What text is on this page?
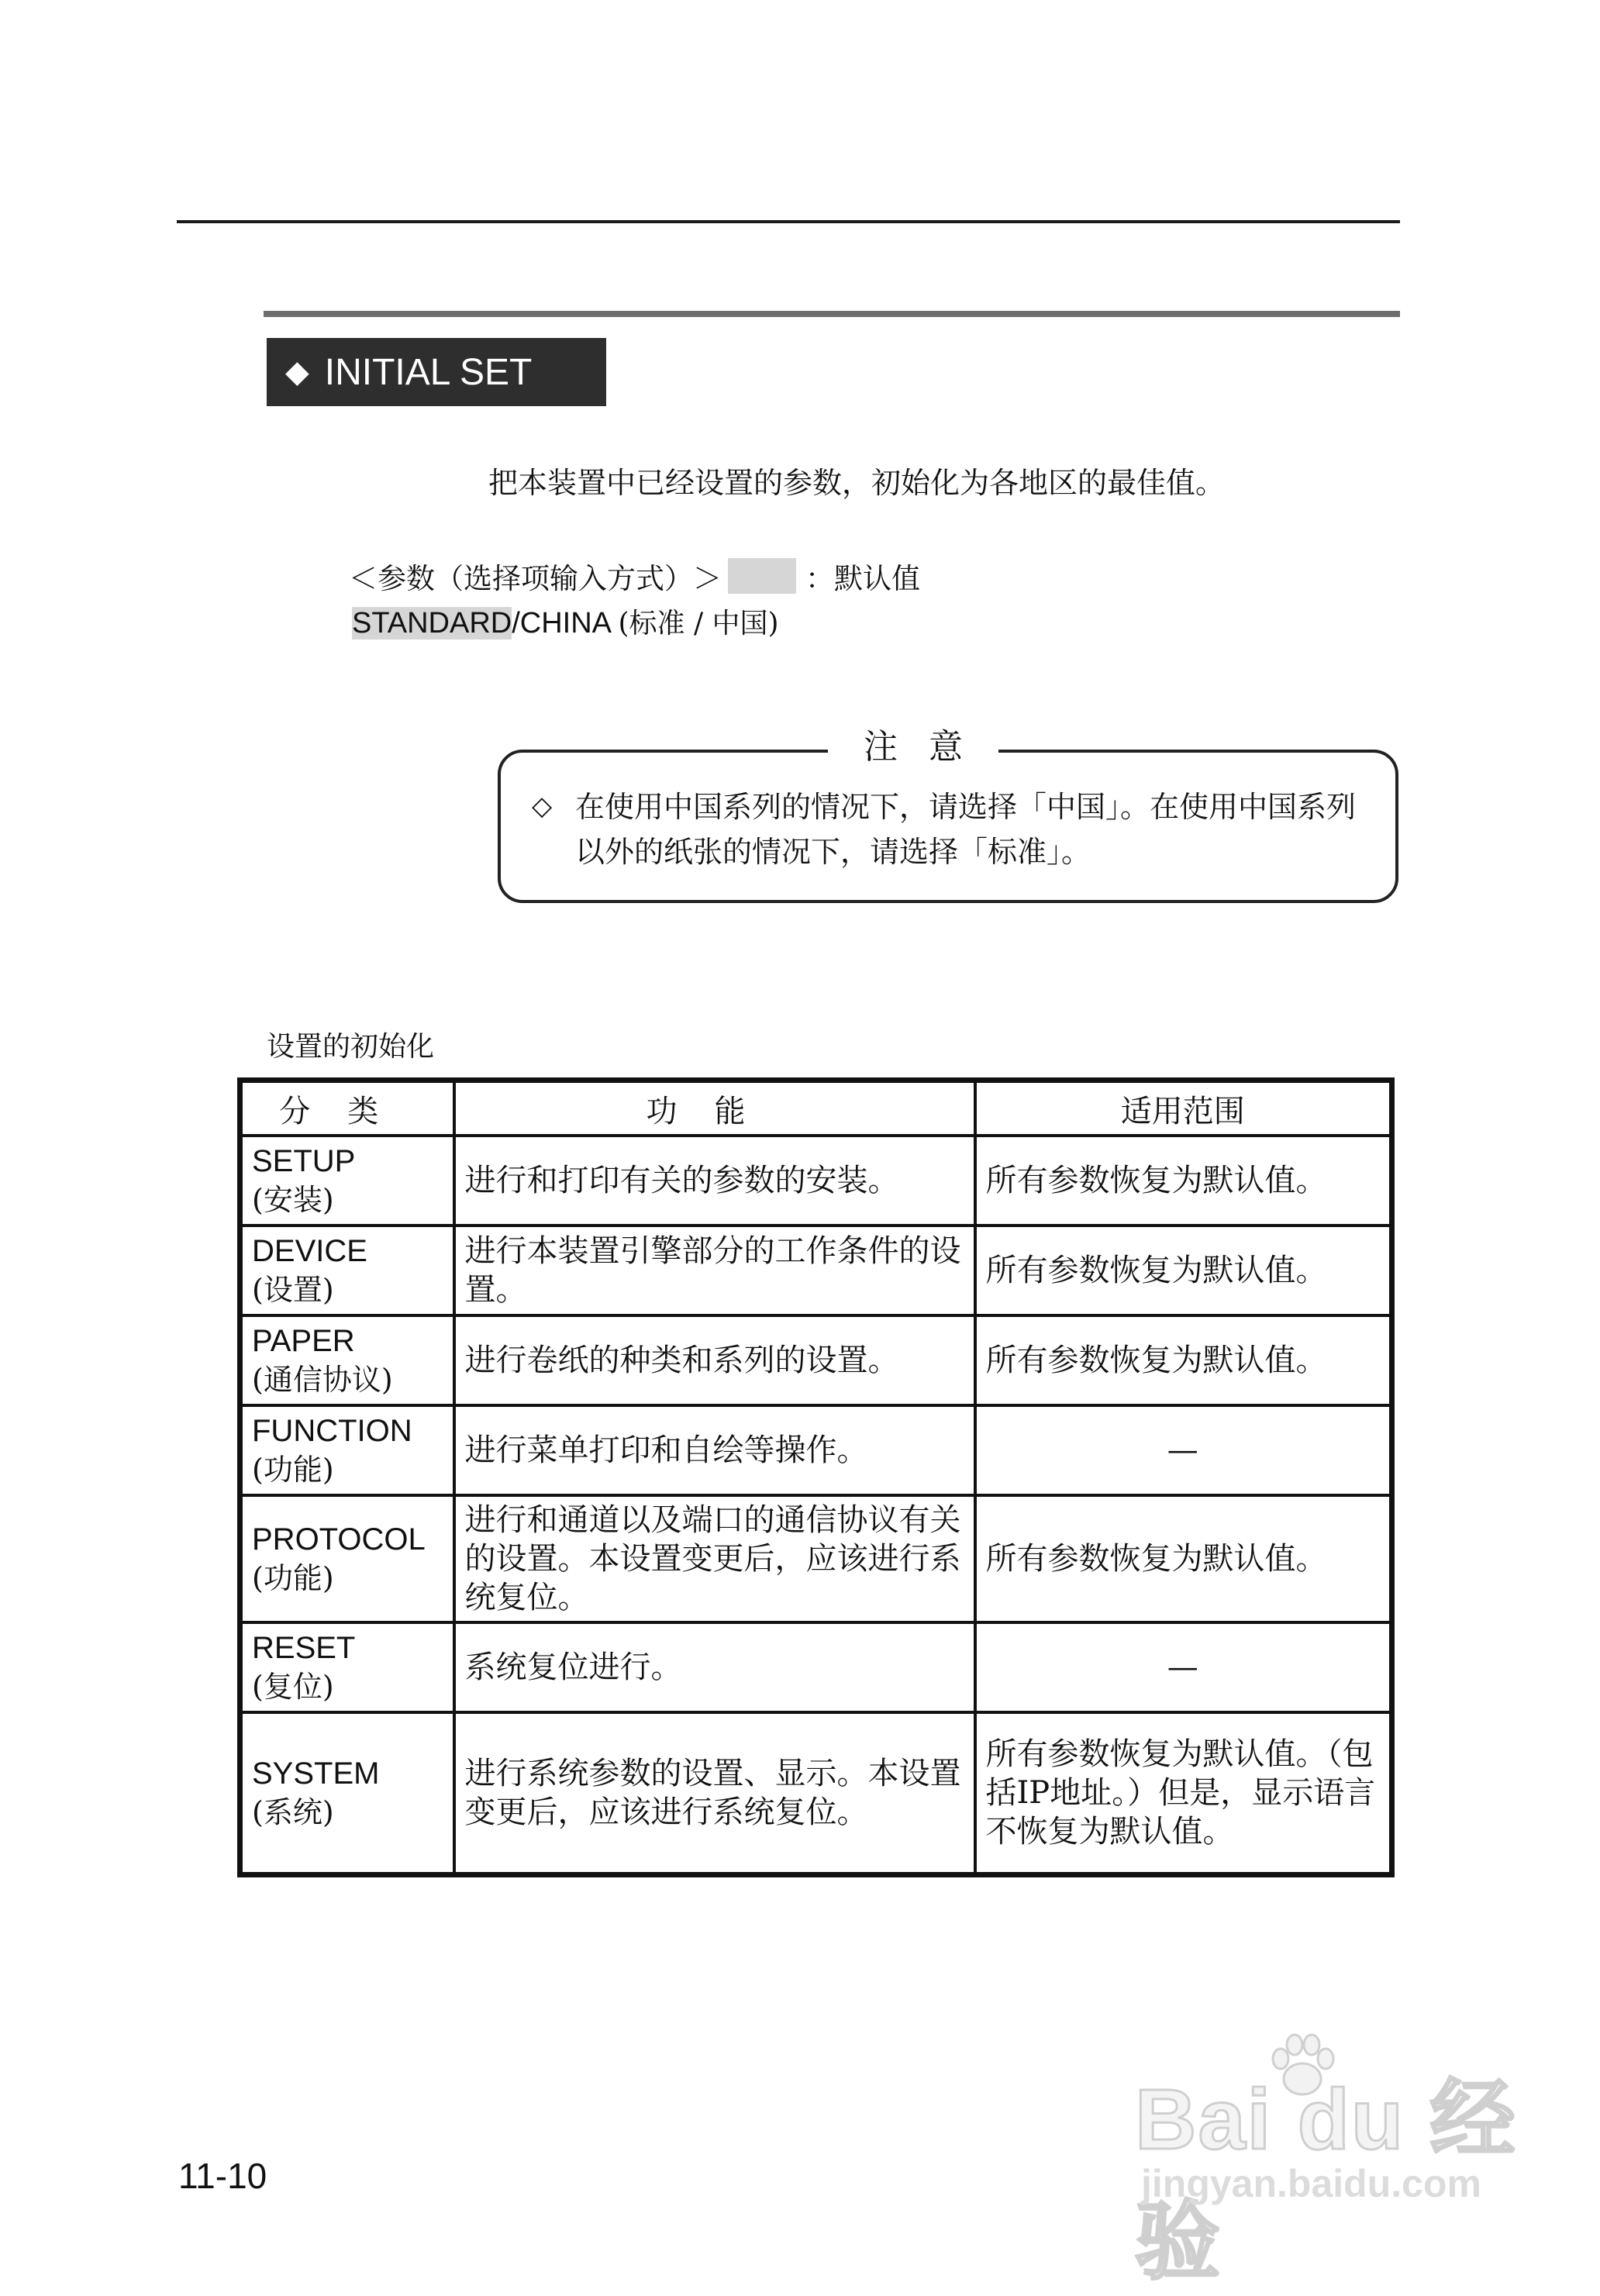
◆ INITIAL SET
把本装置中已经设置的参数，初始化为各地区的最佳值。
＜参数（选择项输入方式）＞	：默认值
STANDARD/CHINA (标准 / 中国)
注意
◇ 在使用中国系列的情况下，请选择「中国」。在使用中国系列以外的纸张的情况下，请选择「标准」。
设置的初始化
分类	功能	适用范围

SETUP
(安装)	进行和打印有关的参数的安装。	所有参数恢复为默认值。

DEVICE
(设置)	进行本装置引擎部分的工作条件的设置。	所有参数恢复为默认值。

PAPER
(通信协议)	进行卷纸的种类和系列的设置。	所有参数恢复为默认值。

FUNCTION
(功能)	进行菜单打印和自绘等操作。	—

PROTOCOL
(功能)	进行和通道以及端口的通信协议有关的设置。本设置变更后，应该进行系统复位。	所有参数恢复为默认值。

RESET
(复位)	系统复位进行。	—

SYSTEM
(系统)	进行系统参数的设置、显示。本设置变更后，应该进行系统复位。	所有参数恢复为默认值。（包括IP地址。）但是，显示语言不恢复为默认值。
11-10
Bai du 经验
jingyan.baidu.com
